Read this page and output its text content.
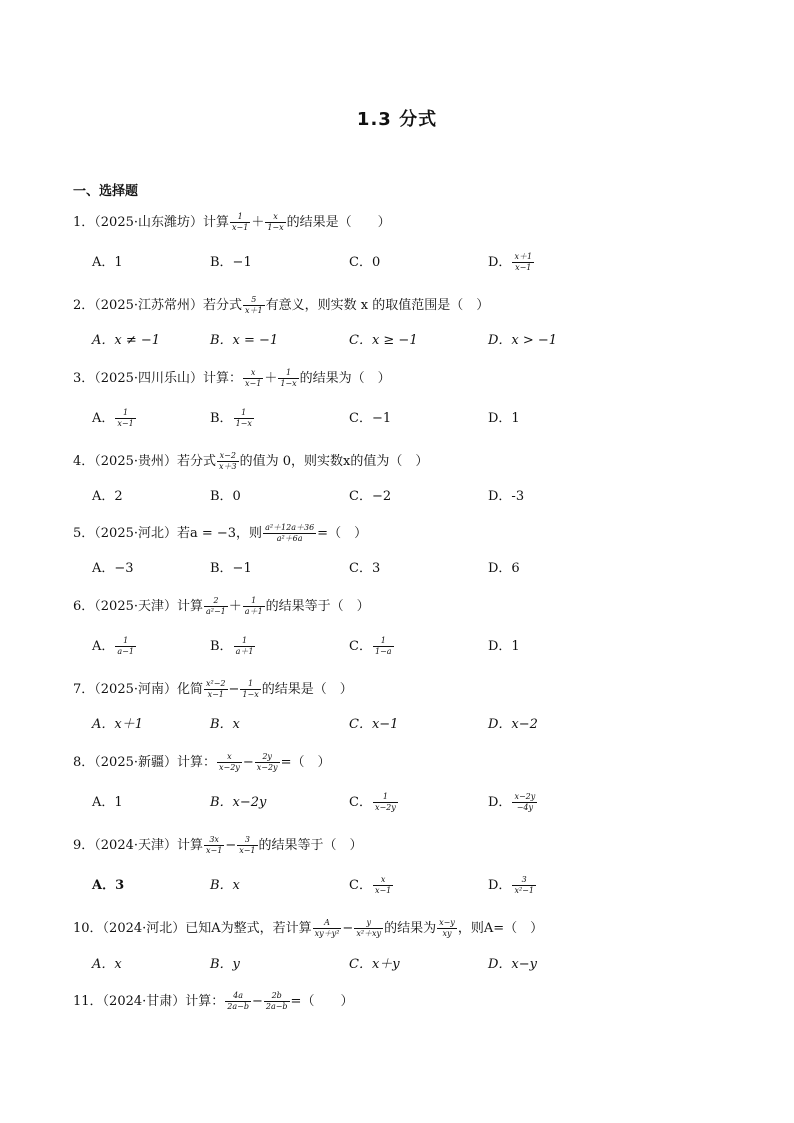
1.3 分式
一、选择题
1．（2025·山东潍坊）计算 $\frac{1}{x-1} + \frac{x}{1-x}$ 的结果是（　　）
A．1	B．−1	C．0	D． $\frac{x+1}{x-1}$
2．（2025·江苏常州）若分式 $\frac{5}{x+1}$ 有意义，则实数 x 的取值范围是（　）
A．x ≠ −1	B．x = −1	C．x ≥ −1	D．x > −1
3．（2025·四川乐山）计算： $\frac{x}{x-1} + \frac{1}{1-x}$ 的结果为（　）
A． $\frac{1}{x-1}$	B． $\frac{1}{1-x}$	C．−1	D．1
4．（2025·贵州）若分式 $\frac{x-2}{x+3}$ 的值为 0，则实数x的值为（　）
A．2	B．0	C．−2	D．-3
5．（2025·河北）若a = −3，则 $\frac{\text{a²＋12a＋36}}{\text{a²＋6a}}$ =（　）
A．−3	B．−1	C．3	D．6
6．（2025·天津）计算 $\frac{2}{\text{a²−1}} + \frac{1}{a+1}$ 的结果等于（　）
A． $\frac{1}{a-1}$	B． $\frac{1}{a+1}$	C． $\frac{1}{1-a}$	D．1
7．（2025·河南）化简 $\frac{\text{x²−2}}{x-1} - \frac{1}{1-x}$ 的结果是（　）
A．x＋1	B．x	C．x−1	D．x−2
8．（2025·新疆）计算： $\frac{x}{x-2y} - \frac{2y}{x-2y}$ =（　）
A．1	B．x−2y	C． $\frac{1}{x-2y}$	D． $\frac{x-2y}{-4y}$
9．（2024·天津）计算 $\frac{3x}{x-1} - \frac{3}{x-1}$ 的结果等于（　）
A．3	B．x	C． $\frac{x}{x-1}$	D． $\frac{3}{\text{x²−1}}$
10．（2024·河北）已知A为整式，若计算 $\frac{A}{\text{xy＋y²}} - \frac{y}{\text{x²＋xy}}$ 的结果为 $\frac{x-y}{xy}$ ，则A=（　）
A．x	B．y	C．x＋y	D．x−y
11．（2024·甘肃）计算： $\frac{4a}{2a-b} - \frac{2b}{2a-b}$ =（　　）
